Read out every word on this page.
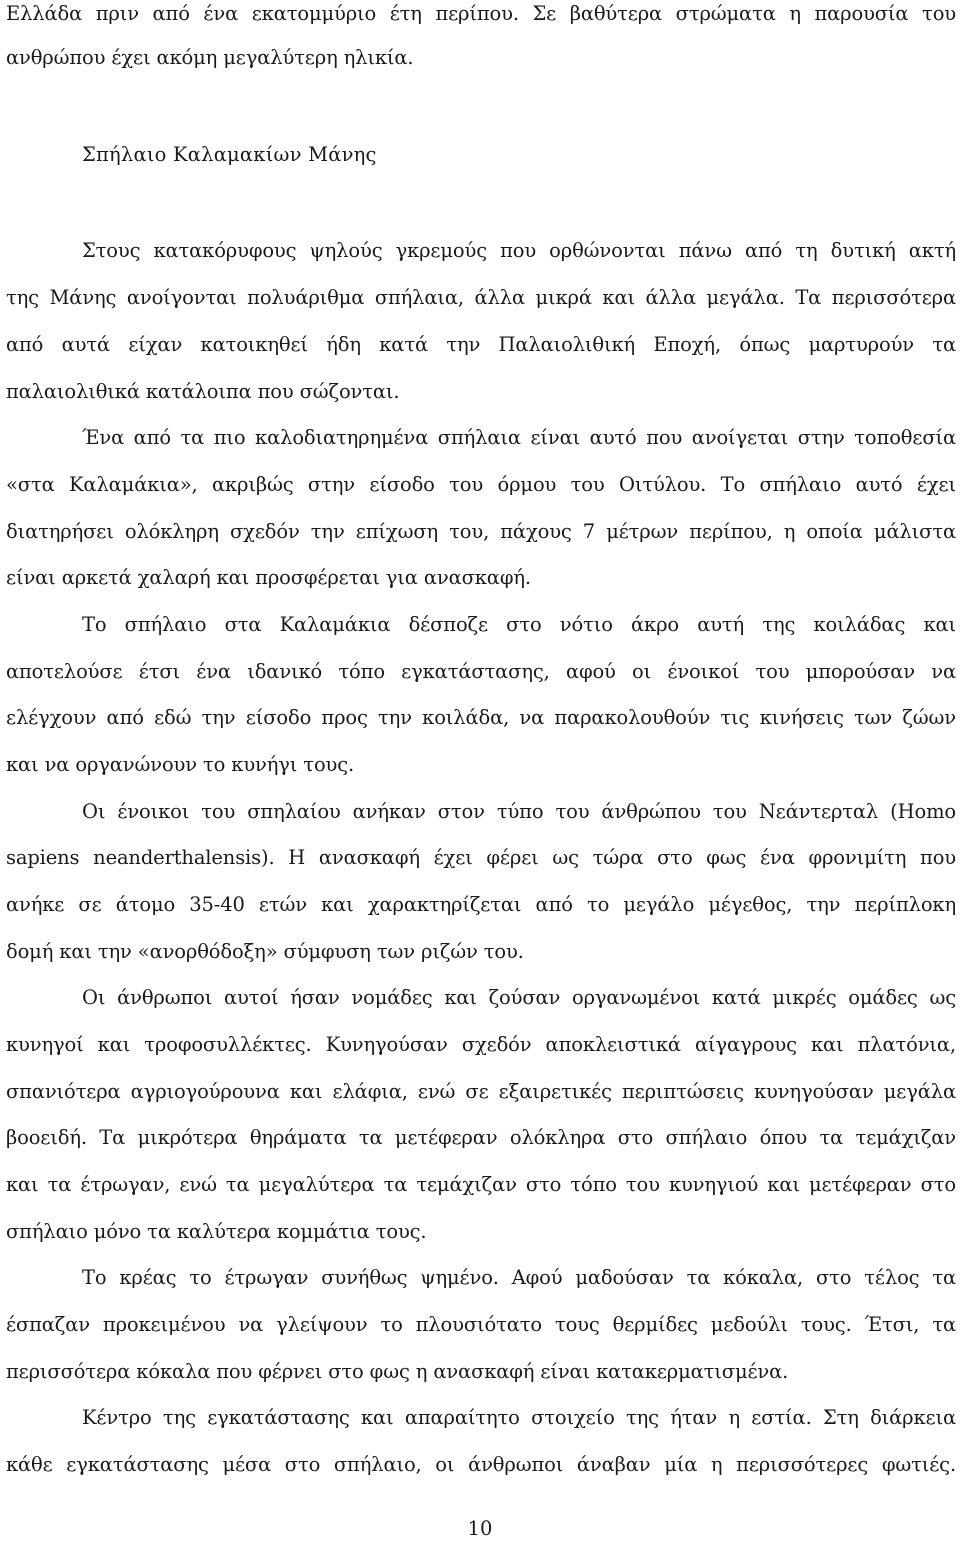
Ελλάδα πριν από ένα εκατομμύριο έτη περίπου. Σε βαθύτερα στρώματα η παρουσία του
ανθρώπου έχει ακόμη μεγαλύτερη ηλικία.
Σπήλαιο Καλαμακίων Μάνης
Στους κατακόρυφους ψηλούς γκρεμούς που ορθώνονται πάνω από τη δυτική ακτή
της Μάνης ανοίγονται πολυάριθμα σπήλαια, άλλα μικρά και άλλα μεγάλα. Τα περισσότερα
από αυτά είχαν κατοικηθεί ήδη κατά την Παλαιολιθική Εποχή, όπως μαρτυρούν τα
παλαιολιθικά κατάλοιπα που σώζονται.
Ένα από τα πιο καλοδιατηρημένα σπήλαια είναι αυτό που ανοίγεται στην τοποθεσία
«στα Καλαμάκια», ακριβώς στην είσοδο του όρμου του Οιτύλου. Το σπήλαιο αυτό έχει
διατηρήσει ολόκληρη σχεδόν την επίχωση του, πάχους 7 μέτρων περίπου, η οποία μάλιστα
είναι αρκετά χαλαρή και προσφέρεται για ανασκαφή.
Το σπήλαιο στα Καλαμάκια δέσποζε στο νότιο άκρο αυτή της κοιλάδας και
αποτελούσε έτσι ένα ιδανικό τόπο εγκατάστασης, αφού οι ένοικοί του μπορούσαν να
ελέγχουν από εδώ την είσοδο προς την κοιλάδα, να παρακολουθούν τις κινήσεις των ζώων
και να οργανώνουν το κυνήγι τους.
Οι ένοικοι του σπηλαίου ανήκαν στον τύπο του άνθρώπου του Νεάντερταλ (Homo
sapiens neanderthalensis). Η ανασκαφή έχει φέρει ως τώρα στο φως ένα φρονιμίτη που
ανήκε σε άτομο 35-40 ετών και χαρακτηρίζεται από το μεγάλο μέγεθος, την περίπλοκη
δομή και την «ανορθόδοξη» σύμφυση των ριζών του.
Οι άνθρωποι αυτοί ήσαν νομάδες και ζούσαν οργανωμένοι κατά μικρές ομάδες ως
κυνηγοί και τροφοσυλλέκτες. Κυνηγούσαν σχεδόν αποκλειστικά αίγαγρους και πλατόνια,
σπανιότερα αγριογούρουνα και ελάφια, ενώ σε εξαιρετικές περιπτώσεις κυνηγούσαν μεγάλα
βοοειδή. Τα μικρότερα θηράματα τα μετέφεραν ολόκληρα στο σπήλαιο όπου τα τεμάχιζαν
και τα έτρωγαν, ενώ τα μεγαλύτερα τα τεμάχιζαν στο τόπο του κυνηγιού και μετέφεραν στο
σπήλαιο μόνο τα καλύτερα κομμάτια τους.
Το κρέας το έτρωγαν συνήθως ψημένο. Αφού μαδούσαν τα κόκαλα, στο τέλος τα
έσπαζαν προκειμένου να γλείψουν το πλουσιότατο τους θερμίδες μεδούλι τους. Έτσι, τα
περισσότερα κόκαλα που φέρνει στο φως η ανασκαφή είναι κατακερματισμένα.
Κέντρο της εγκατάστασης και απαραίτητο στοιχείο της ήταν η εστία. Στη διάρκεια
κάθε εγκατάστασης μέσα στο σπήλαιο, οι άνθρωποι άναβαν μία η περισσότερες φωτιές.
10
